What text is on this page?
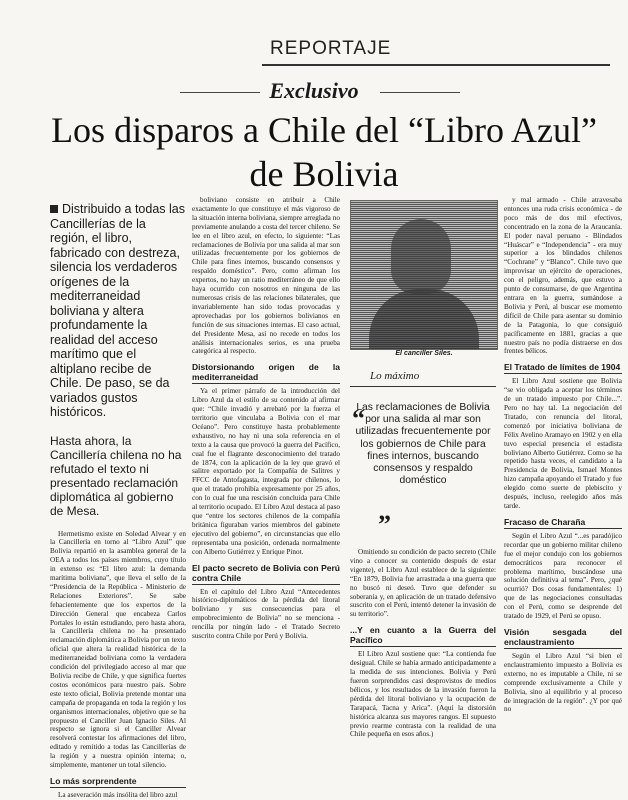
REPORTAJE
Exclusivo
Los disparos a Chile del “Libro Azul” de Bolivia
Distribuido a todas las Cancillerías de la región, el libro, fabricado con destreza, silencia los verdaderos orígenes de la mediterraneidad boliviana y altera profundamente la realidad del acceso marítimo que el altiplano recibe de Chile. De paso, se da variados gustos históricos.
Hasta ahora, la Cancillería chilena no ha refutado el texto ni presentado reclamación diplomática al gobierno de Mesa.

Hermetismo existe en Soledad Alvear y en la Cancillería en torno al “Libro Azul” que Bolivia repartió en la asamblea general de la OEA a todos los países miembros, cuyo título in extenso es: “El libro azul: la demanda marítima boliviana”, que lleva el sello de la “Presidencia de la República - Ministerio de Relaciones Exteriores”. Se sabe fehacientemente que los expertos de la Dirección General que encabeza Carlos Portales lo están estudiando, pero hasta ahora, la Cancillería chilena no ha presentado reclamación diplomática a Bolivia por un texto oficial que altera la realidad histórica de la mediterraneidad boliviana como la verdadera condición del privilegiado acceso al mar que Bolivia recibe de Chile, y que significa fuertes costos económicos para nuestro país. Sobre este texto oficial, Bolivia pretende montar una campaña de propaganda en toda la región y los organismos internacionales, objetivo que se ha propuesto el Canciller Juan Ignacio Siles. Al respecto se ignora si el Canciller Alvear resolverá contestar los afirmaciones del libro, editado y remitido a todas las Cancillerías de la región y a nuestra opinión interna; o, simplemente, mantener un total silencio.

Lo más sorprendente

La aseveración más insólita del libro azul

boliviano consiste en atribuir a Chile exactamente lo que constituye el más vigoroso de la situación interna boliviana, siempre arreglada no previamente anulando a costa del tercer chileno. Se lee en el libro azul, en efecto, lo siguiente: “Las reclamaciones de Bolivia por una salida al mar son utilizadas frecuentemente por los gobiernos de Chile para fines internos, buscando consensos y respaldo doméstico”. Pero, como afirman los expertos, no hay un ratio mediterráneo de que ello haya ocurrido con nosotros en ninguna de las numerosas crisis de las relaciones bilaterales, que invariablemente han sido todas provocadas y aprovechadas por los gobiernos bolivianos en función de sus situaciones internas. El caso actual, del Presidente Mesa, así no recede en todos los análisis internacionales serios, es una prueba categórica al respecto.

Distorsionando origen de la mediterraneidad

Ya el primer párrafo de la introducción del Libro Azul da el estilo de su contenido al afirmar que: “Chile invadió y arrebató por la fuerza el territorio que vinculaba a Bolivia con el mar Océano”. Pero constituye hasta probablemente exhaustivo, no hay ni una sola referencia en el texto a la causa que provocó la guerra del Pacífico, cual fue el flagrante desconocimiento del tratado de 1874, con la aplicación de la ley que gravó el salitre exportado por la Compañía de Salitres y FFCC de Antofagasta, integrada por chilenos, lo que el tratado prohibía expresamente por 25 años, con lo cual fue una rescisión concluida para Chile al territorio ocupado. El Libro Azul destaca al paso que “entre los sectores chilenos de la compañía británica figuraban varios miembros del gabinete ejecutivo del gobierno”, en circunstancias que ello representaba una posición, ordenada normalmente con Alberto Gutiérrez y Enrique Pinot.

El pacto secreto de Bolivia con Perú contra Chile

En el capítulo del Libro Azul “Antecedentes histórico-diplomáticos de la pérdida del litoral boliviano y sus consecuencias para el empobrecimiento de Bolivia” no se menciona - rencilla por ningún lado - el Tratado Secreto suscrito contra Chile por Perú y Bolivia.

El canciller Siles.
Lo máximo
“
Las reclamaciones de Bolivia por una salida al mar son utilizadas frecuentemente por los gobiernos de Chile para fines internos, buscando consensos y respaldo doméstico
”

Omitiendo su condición de pacto secreto (Chile vino a conocer su contenido después de estar vigente), el Libro Azul establece de la siguiente: “En 1879, Bolivia fue arrastrada a una guerra que no buscó ni deseó. Tuvo que defender su soberanía y, en aplicación de un tratado defensivo suscrito con el Perú, intentó detener la invasión de su territorio”.

...Y en cuanto a la Guerra del Pacífico

El Libro Azul sostiene que: “La contienda fue desigual. Chile se había armado anticipadamente a la medida de sus intenciones. Bolivia y Perú fueron sorprendidos casi desprovistos de medios bélicos, y los resultados de la invasión fueron la pérdida del litoral boliviano y la ocupación de Tarapacá, Tacna y Arica”. (Aquí la distorsión histórica alcanza sus mayores rangos. El supuesto previo rearme contrasta con la realidad de una Chile pequeña en esos años.)

y mal armado - Chile atravesaba entonces una ruda crisis económica - de poco más de dos mil efectivos, concentrado en la zona de la Araucanía. El poder naval peruano - Blindados “Huáscar” e “Independencia” - era muy superior a los blindados chilenos “Cochrane” y “Blanco”. Chile tuvo que improvisar un ejército de operaciones, con el peligro, además, que estuvo a punto de consumarse, de que Argentina entrara en la guerra, sumándose a Bolivia y Perú, al buscar ese momento difícil de Chile para asentar su dominio de la Patagonia, lo que consiguió pacíficamente en 1881, gracias a que nuestro país no podía distraerse en dos frentes bélicos.

El Tratado de límites de 1904

El Libro Azul sostiene que Bolivia “se vio obligada a aceptar los términos de un tratado impuesto por Chile...”. Pero no hay tal. La negociación del Tratado, con renuncia del litoral, comenzó por iniciativa boliviana de Félix Avelino Aramayo en 1902 y en ella tuvo especial presencia el estadista boliviano Alberto Gutiérrez. Como se ha repetido hasta veces, el candidato a la Presidencia de Bolivia, Ismael Montes hizo campaña apoyando el Tratado y fue elegido como suerte de plebiscito y después, incluso, reelegido años más tarde.

Fracaso de Charaña

Según el Libro Azul “...es paradójico recordar que un gobierno militar chileno fue el mejor condujo con los gobiernos democráticos para reconocer el problema marítimo, buscándose una solución definitiva al tema”. Pero, ¿qué ocurrió? Dos cosas fundamentales: 1) que de las negociaciones consultadas con el Perú, como se desprende del tratado de 1929, el Perú se opuso.

Visión sesgada del enclaustramiento

Según el Libro Azul “si bien el enclaustramiento impuesto a Bolivia es externo, no es imputable a Chile, ni se comprende exclusivamente a Chile y Bolivia, sino al equilibrio y al proceso de integración de la región”. ¿Y por qué no
